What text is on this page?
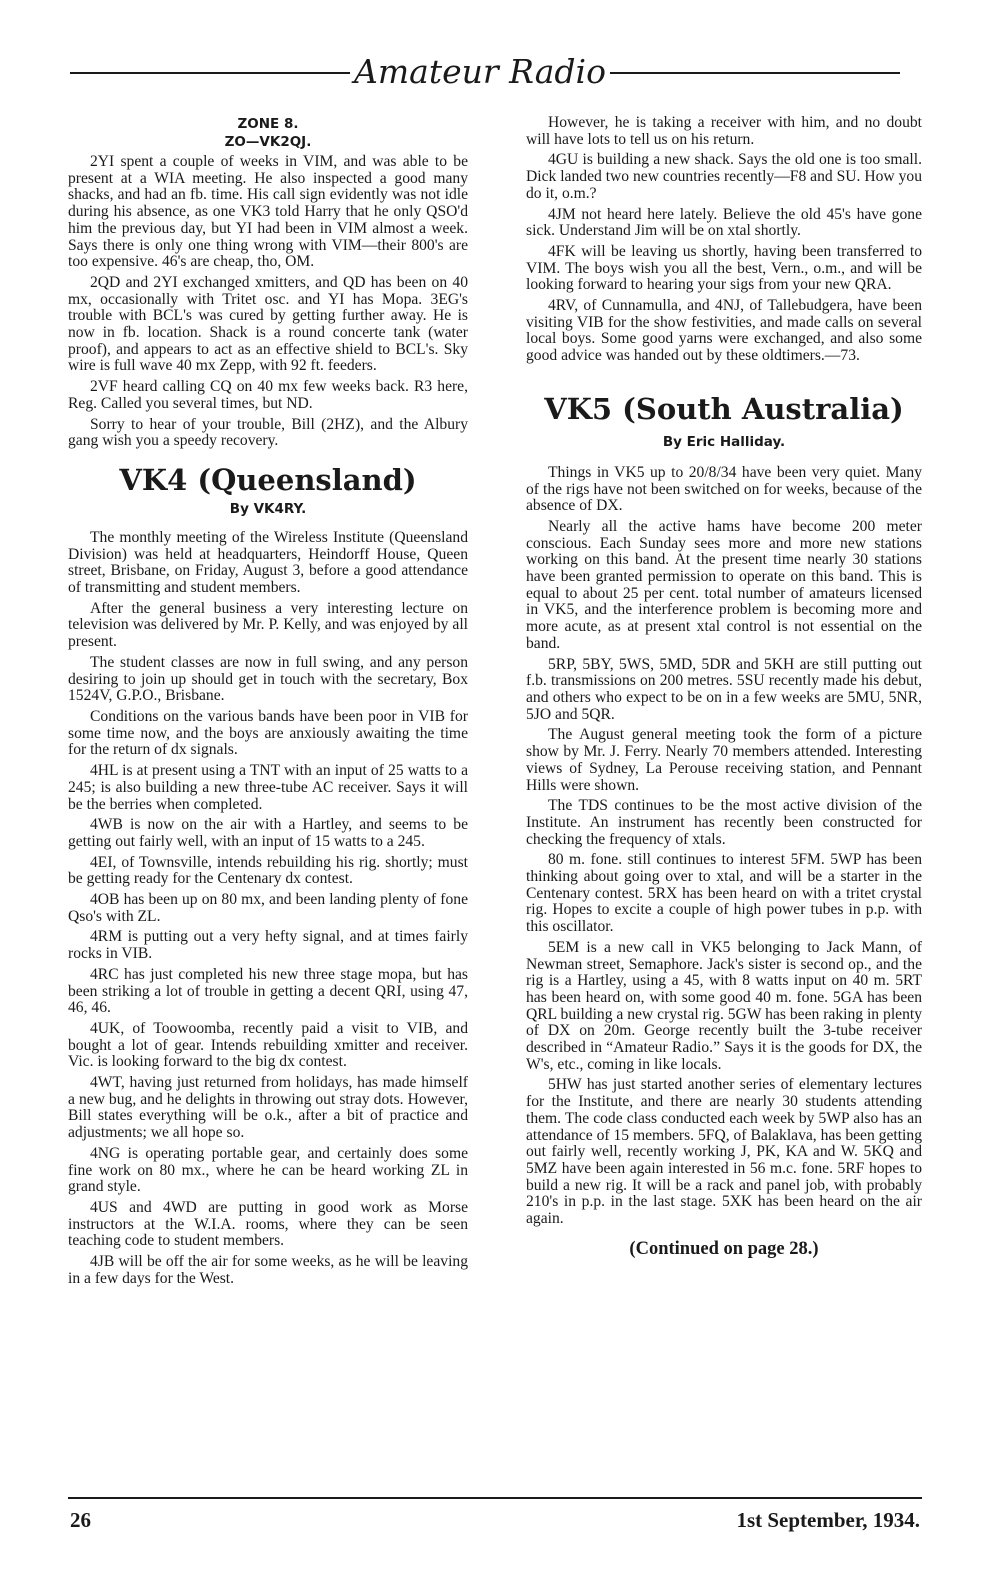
Amateur Radio
ZONE 8.
ZO—VK2QJ.

2YI spent a couple of weeks in VIM, and was able to be present at a WIA meeting. He also inspected a good many shacks, and had an fb. time. His call sign evidently was not idle during his absence, as one VK3 told Harry that he only QSO'd him the previous day, but YI had been in VIM almost a week. Says there is only one thing wrong with VIM—their 800's are too expensive. 46's are cheap, tho, OM.

2QD and 2YI exchanged xmitters, and QD has been on 40 mx, occasionally with Tritet osc. and YI has Mopa. 3EG's trouble with BCL's was cured by getting further away. He is now in fb. location. Shack is a round concerte tank (water proof), and appears to act as an effective shield to BCL's. Sky wire is full wave 40 mx Zepp, with 92 ft. feeders.

2VF heard calling CQ on 40 mx few weeks back. R3 here, Reg. Called you several times, but ND.

Sorry to hear of your trouble, Bill (2HZ), and the Albury gang wish you a speedy recovery.

VK4 (Queensland)
By VK4RY.

The monthly meeting of the Wireless Institute (Queensland Division) was held at headquarters, Heindorff House, Queen street, Brisbane, on Friday, August 3, before a good attendance of transmitting and student members.

After the general business a very interesting lecture on television was delivered by Mr. P. Kelly, and was enjoyed by all present.

The student classes are now in full swing, and any person desiring to join up should get in touch with the secretary, Box 1524V, G.P.O., Brisbane.

Conditions on the various bands have been poor in VIB for some time now, and the boys are anxiously awaiting the time for the return of dx signals.

4HL is at present using a TNT with an input of 25 watts to a 245; is also building a new three-tube AC receiver. Says it will be the berries when completed.

4WB is now on the air with a Hartley, and seems to be getting out fairly well, with an input of 15 watts to a 245.

4EI, of Townsville, intends rebuilding his rig. shortly; must be getting ready for the Centenary dx contest.

4OB has been up on 80 mx, and been landing plenty of fone Qso's with ZL.

4RM is putting out a very hefty signal, and at times fairly rocks in VIB.

4RC has just completed his new three stage mopa, but has been striking a lot of trouble in getting a decent QRI, using 47, 46, 46.

4UK, of Toowoomba, recently paid a visit to VIB, and bought a lot of gear. Intends rebuilding xmitter and receiver. Vic. is looking forward to the big dx contest.

4WT, having just returned from holidays, has made himself a new bug, and he delights in throwing out stray dots. However, Bill states everything will be o.k., after a bit of practice and adjustments; we all hope so.

4NG is operating portable gear, and certainly does some fine work on 80 mx., where he can be heard working ZL in grand style.

4US and 4WD are putting in good work as Morse instructors at the W.I.A. rooms, where they can be seen teaching code to student members.

4JB will be off the air for some weeks, as he will be leaving in a few days for the West.

However, he is taking a receiver with him, and no doubt will have lots to tell us on his return.

4GU is building a new shack. Says the old one is too small. Dick landed two new countries recently—F8 and SU. How you do it, o.m.?

4JM not heard here lately. Believe the old 45's have gone sick. Understand Jim will be on xtal shortly.

4FK will be leaving us shortly, having been transferred to VIM. The boys wish you all the best, Vern., o.m., and will be looking forward to hearing your sigs from your new QRA.

4RV, of Cunnamulla, and 4NJ, of Tallebudgera, have been visiting VIB for the show festivities, and made calls on several local boys. Some good yarns were exchanged, and also some good advice was handed out by these oldtimers.—73.

VK5 (South Australia)
By Eric Halliday.

Things in VK5 up to 20/8/34 have been very quiet. Many of the rigs have not been switched on for weeks, because of the absence of DX.

Nearly all the active hams have become 200 meter conscious. Each Sunday sees more and more new stations working on this band. At the present time nearly 30 stations have been granted permission to operate on this band. This is equal to about 25 per cent. total number of amateurs licensed in VK5, and the interference problem is becoming more and more acute, as at present xtal control is not essential on the band.

5RP, 5BY, 5WS, 5MD, 5DR and 5KH are still putting out f.b. transmissions on 200 metres. 5SU recently made his debut, and others who expect to be on in a few weeks are 5MU, 5NR, 5JO and 5QR.

The August general meeting took the form of a picture show by Mr. J. Ferry. Nearly 70 members attended. Interesting views of Sydney, La Perouse receiving station, and Pennant Hills were shown.

The TDS continues to be the most active division of the Institute. An instrument has recently been constructed for checking the frequency of xtals.

80 m. fone. still continues to interest 5FM. 5WP has been thinking about going over to xtal, and will be a starter in the Centenary contest. 5RX has been heard on with a tritet crystal rig. Hopes to excite a couple of high power tubes in p.p. with this oscillator.

5EM is a new call in VK5 belonging to Jack Mann, of Newman street, Semaphore. Jack's sister is second op., and the rig is a Hartley, using a 45, with 8 watts input on 40 m. 5RT has been heard on, with some good 40 m. fone. 5GA has been QRL building a new crystal rig. 5GW has been raking in plenty of DX on 20m. George recently built the 3-tube receiver described in “Amateur Radio.” Says it is the goods for DX, the W's, etc., coming in like locals.

5HW has just started another series of elementary lectures for the Institute, and there are nearly 30 students attending them. The code class conducted each week by 5WP also has an attendance of 15 members. 5FQ, of Balaklava, has been getting out fairly well, recently working J, PK, KA and W. 5KQ and 5MZ have been again interested in 56 m.c. fone. 5RF hopes to build a new rig. It will be a rack and panel job, with probably 210's in p.p. in the last stage. 5XK has been heard on the air again.

(Continued on page 28.)

26	1st September, 1934.
